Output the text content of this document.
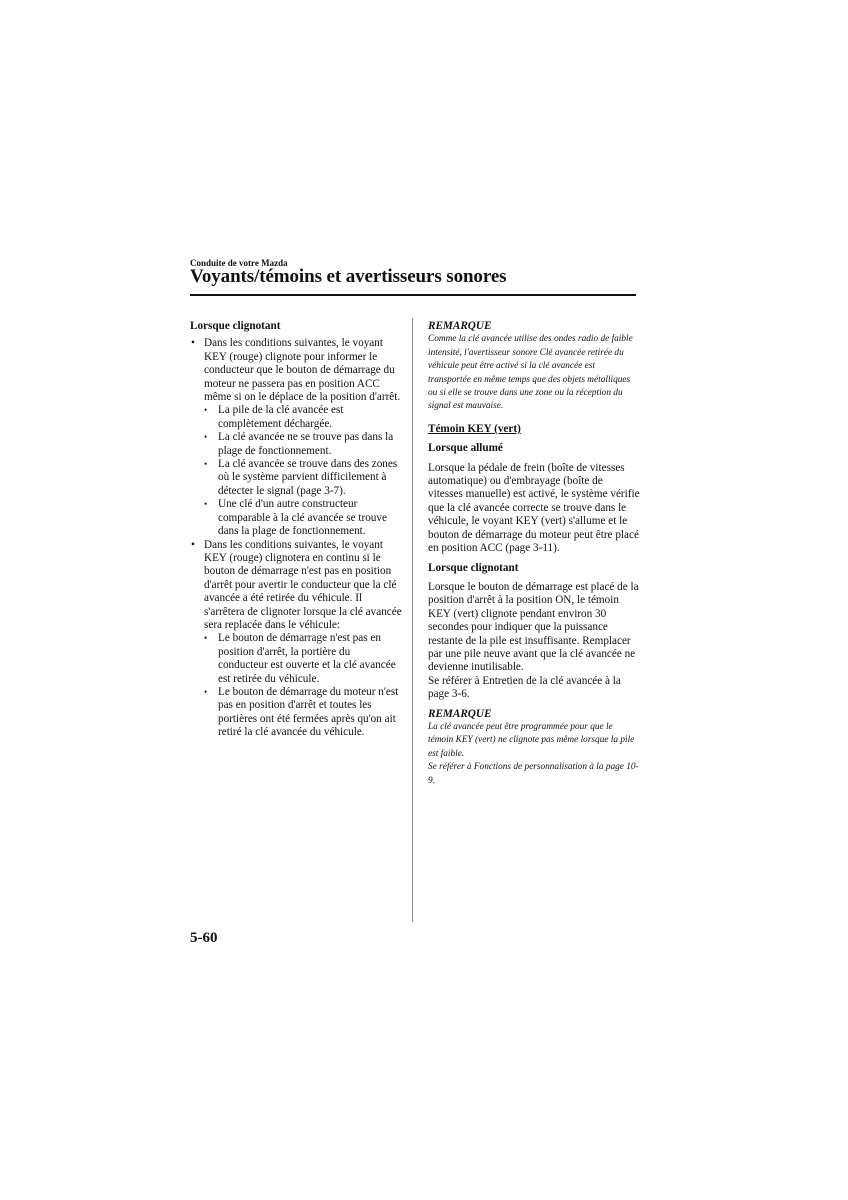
Conduite de votre Mazda
Voyants/témoins et avertisseurs sonores

Lorsque clignotant

• Dans les conditions suivantes, le voyant KEY (rouge) clignote pour informer le conducteur que le bouton de démarrage du moteur ne passera pas en position ACC même si on le déplace de la position d'arrêt.
• La pile de la clé avancée est complètement déchargée.
• La clé avancée ne se trouve pas dans la plage de fonctionnement.
• La clé avancée se trouve dans des zones où le système parvient difficilement à détecter le signal (page 3-7).
• Une clé d'un autre constructeur comparable à la clé avancée se trouve dans la plage de fonctionnement.
• Dans les conditions suivantes, le voyant KEY (rouge) clignotera en continu si le bouton de démarrage n'est pas en position d'arrêt pour avertir le conducteur que la clé avancée a été retirée du véhicule. Il s'arrêtera de clignoter lorsque la clé avancée sera replacée dans le véhicule:
• Le bouton de démarrage n'est pas en position d'arrêt, la portière du conducteur est ouverte et la clé avancée est retirée du véhicule.
• Le bouton de démarrage du moteur n'est pas en position d'arrêt et toutes les portières ont été fermées après qu'on ait retiré la clé avancée du véhicule.

REMARQUE

Comme la clé avancée utilise des ondes radio de faible intensité, l'avertisseur sonore Clé avancée retirée du véhicule peut être activé si la clé avancée est transportée en même temps que des objets métalliques ou si elle se trouve dans une zone ou la réception du signal est mauvaise.

Témoin KEY (vert)

Lorsque allumé

Lorsque la pédale de frein (boîte de vitesses automatique) ou d'embrayage (boîte de vitesses manuelle) est activé, le système vérifie que la clé avancée correcte se trouve dans le véhicule, le voyant KEY (vert) s'allume et le bouton de démarrage du moteur peut être placé en position ACC (page 3-11).

Lorsque clignotant

Lorsque le bouton de démarrage est placé de la position d'arrêt à la position ON, le témoin KEY (vert) clignote pendant environ 30 secondes pour indiquer que la puissance restante de la pile est insuffisante. Remplacer par une pile neuve avant que la clé avancée ne devienne inutilisable.

Se référer à Entretien de la clé avancée à la page 3-6.

REMARQUE

La clé avancée peut être programmée pour que le témoin KEY (vert) ne clignote pas même lorsque la pile est faible.

Se référer à Fonctions de personnalisation à la page 10-9.

5-60
